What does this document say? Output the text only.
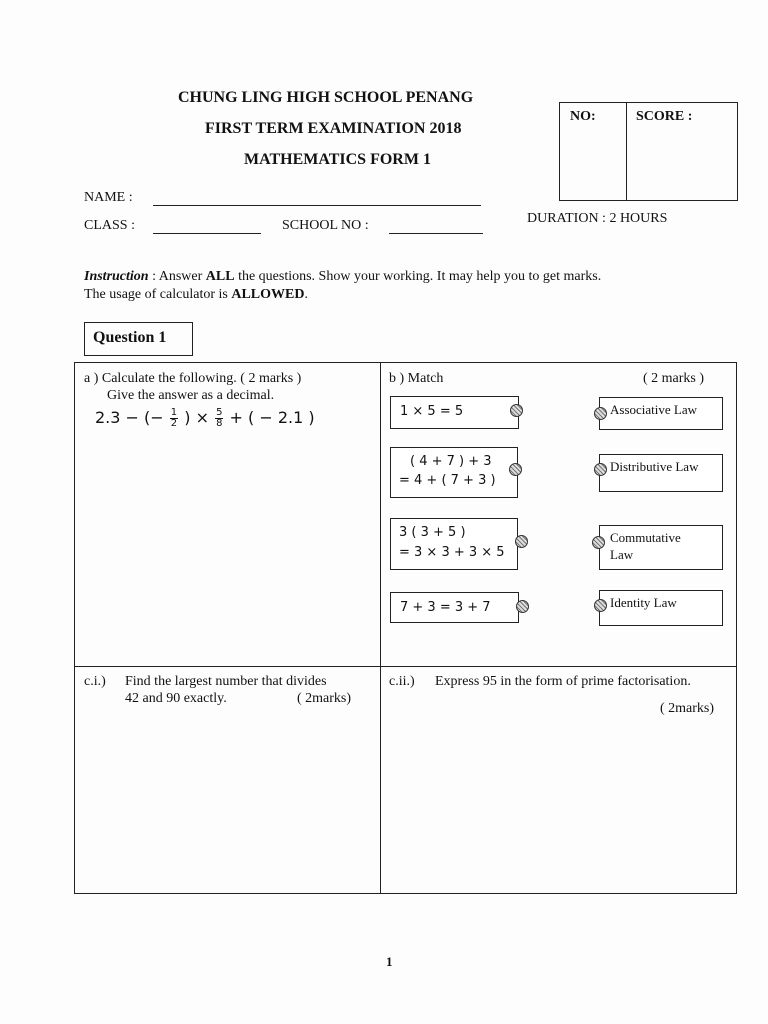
CHUNG LING HIGH SCHOOL PENANG
FIRST TERM EXAMINATION 2018
MATHEMATICS FORM 1
NO:	SCORE :
NAME :
CLASS :	SCHOOL NO :	DURATION : 2 HOURS
Instruction : Answer ALL the questions. Show your working. It may help you to get marks.
The usage of calculator is ALLOWED.
Question 1
a ) Calculate the following. ( 2 marks )
Give the answer as a decimal.
2.3 − (− $\frac{1}{2}$ ) × $\frac{5}{8}$ + ( − 2.1 )
b ) Match	( 2 marks )
1 × 5 = 5
( 4 + 7 ) + 3
= 4 + ( 7 + 3 )
3 ( 3 + 5 )
= 3 × 3 + 3 × 5
7 + 3 = 3 + 7
Associative Law
Distributive Law
Commutative
Law
Identity Law
c.i.) Find the largest number that divides
42 and 90 exactly.	( 2marks)
c.ii.) Express 95 in the form of prime factorisation.
( 2marks)
1
